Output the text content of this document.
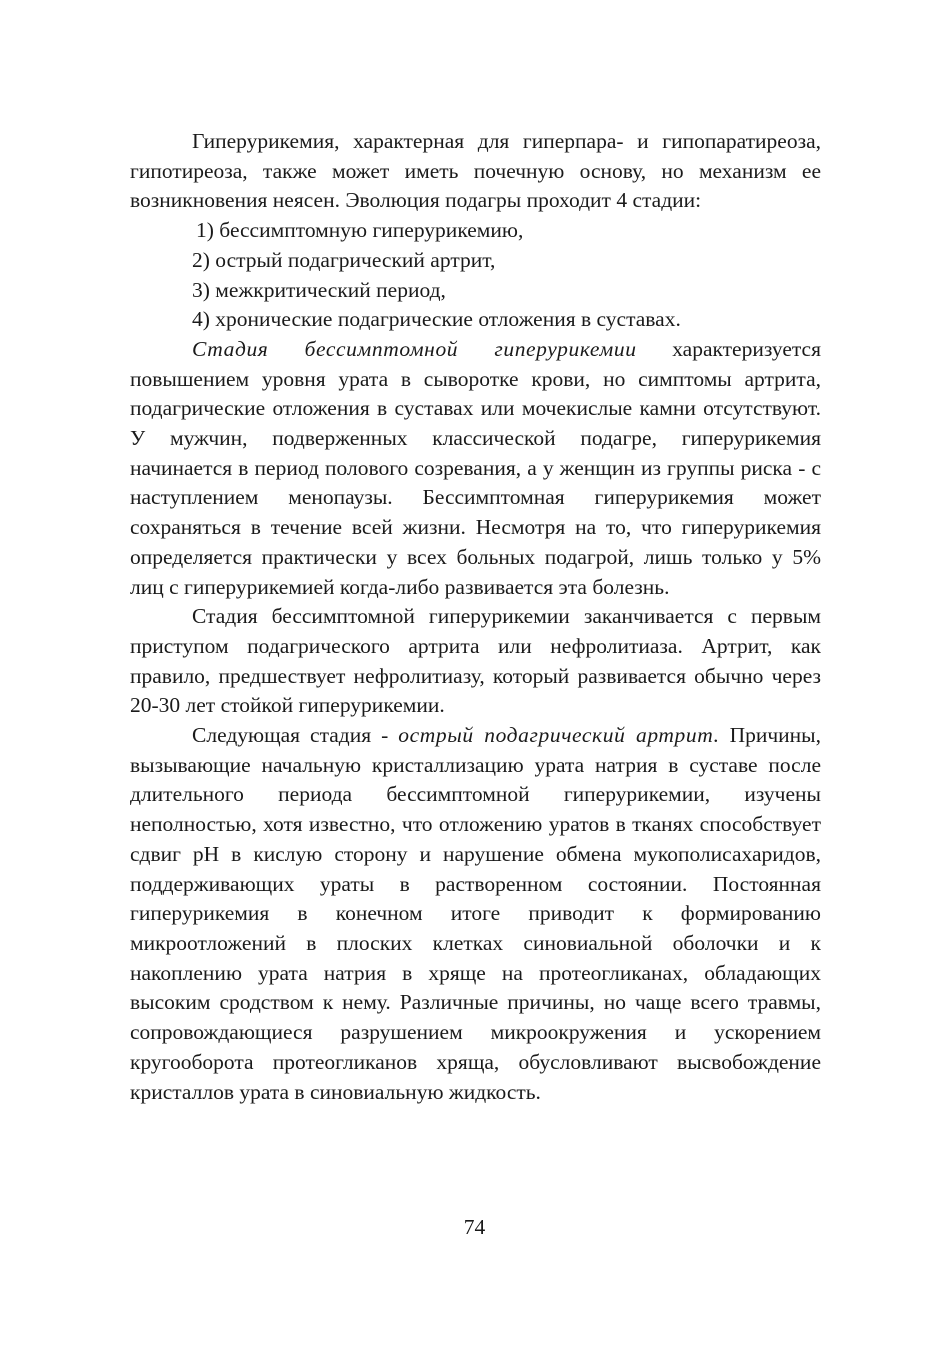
Гиперурикемия, характерная для гиперпара- и гипопаратиреоза, гипотиреоза, также может иметь почечную основу, но механизм ее возникновения неясен. Эволюция подагры проходит 4 стадии:

1) бессимптомную гиперурикемию,

2) острый подагрический артрит,

3) межкритический период,

4) хронические подагрические отложения в суставах.

Стадия бессимптомной гиперурикемии характеризуется повышением уровня урата в сыворотке крови, но симптомы артрита, подагрические отложения в суставах или мочекислые камни отсутствуют. У мужчин, подверженных классической подагре, гиперурикемия начинается в период полового созревания, а у женщин из группы риска - с наступлением менопаузы. Бессимптомная гиперурикемия может сохраняться в течение всей жизни. Несмотря на то, что гиперурикемия определяется практически у всех больных подагрой, лишь только у 5% лиц с гиперурикемией когда-либо развивается эта болезнь.

Стадия бессимптомной гиперурикемии заканчивается с первым приступом подагрического артрита или нефролитиаза. Артрит, как правило, предшествует нефролитиазу, который развивается обычно через 20-30 лет стойкой гиперурикемии.

Следующая стадия - острый подагрический артрит. Причины, вызывающие начальную кристаллизацию урата натрия в суставе после длительного периода бессимптомной гиперурикемии, изучены неполностью, хотя известно, что отложению уратов в тканях способствует сдвиг pH в кислую сторону и нарушение обмена мукополисахаридов, поддерживающих ураты в растворенном состоянии. Постоянная гиперурикемия в конечном итоге приводит к формированию микроотложений в плоских клетках синовиальной оболочки и к накоплению урата натрия в хряще на протеогликанах, обладающих высоким сродством к нему. Различные причины, но чаще всего травмы, сопровождающиеся разрушением микроокружения и ускорением кругооборота протеогликанов хряща, обусловливают высвобождение кристаллов урата в синовиальную жидкость.

74
